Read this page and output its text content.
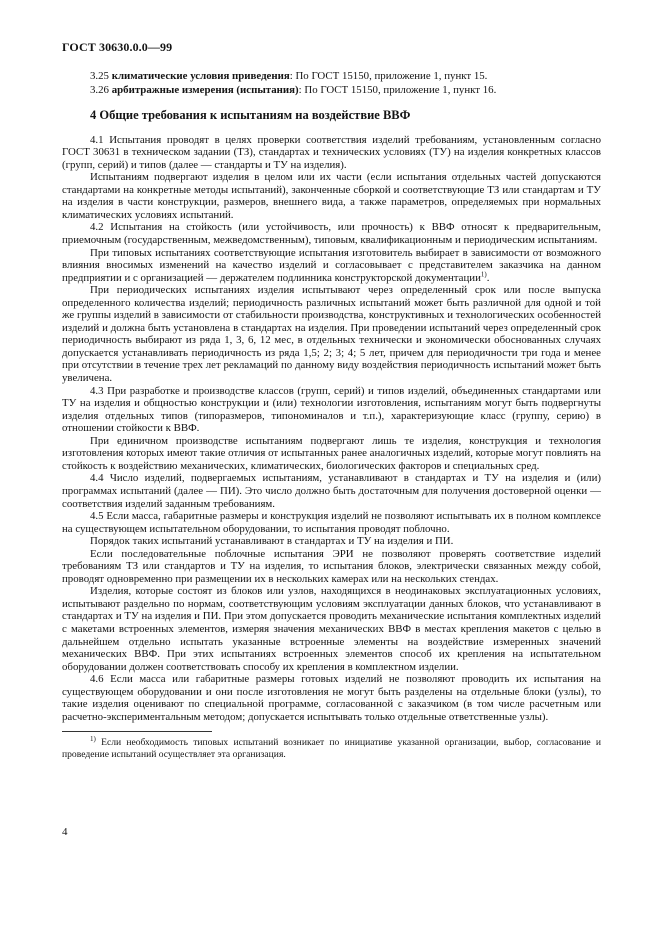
ГОСТ 30630.0.0—99

3.25 климатические условия приведения: По ГОСТ 15150, приложение 1, пункт 15.

3.26 арбитражные измерения (испытания): По ГОСТ 15150, приложение 1, пункт 16.

4 Общие требования к испытаниям на воздействие ВВФ

4.1 Испытания проводят в целях проверки соответствия изделий требованиям, установленным согласно ГОСТ 30631 в техническом задании (ТЗ), стандартах и технических условиях (ТУ) на изделия конкретных классов (групп, серий) и типов (далее — стандарты и ТУ на изделия).

Испытаниям подвергают изделия в целом или их части (если испытания отдельных частей допускаются стандартами на конкретные методы испытаний), законченные сборкой и соответствующие ТЗ или стандартам и ТУ на изделия в части конструкции, размеров, внешнего вида, а также параметров, определяемых при нормальных климатических условиях испытаний.

4.2 Испытания на стойкость (или устойчивость, или прочность) к ВВФ относят к предварительным, приемочным (государственным, межведомственным), типовым, квалификационным и периодическим испытаниям.

При типовых испытаниях соответствующие испытания изготовитель выбирает в зависимости от возможного влияния вносимых изменений на качество изделий и согласовывает с представителем заказчика на данном предприятии и с организацией — держателем подлинника конструкторской документации$^{1)}$.

При периодических испытаниях изделия испытывают через определенный срок или после выпуска определенного количества изделий; периодичность различных испытаний может быть различной для одной и той же группы изделий в зависимости от стабильности производства, конструктивных и технологических особенностей изделий и должна быть установлена в стандартах на изделия. При проведении испытаний через определенный срок периодичность выбирают из ряда 1, 3, 6, 12 мес, в отдельных технически и экономически обоснованных случаях допускается устанавливать периодичность из ряда 1,5; 2; 3; 4; 5 лет, причем для периодичности три года и менее при отсутствии в течение трех лет рекламаций по данному виду воздействия периодичность испытаний может быть увеличена.

4.3 При разработке и производстве классов (групп, серий) и типов изделий, объединенных стандартами или ТУ на изделия и общностью конструкции и (или) технологии изготовления, испытаниям могут быть подвергнуты изделия отдельных типов (типоразмеров, типономиналов и т.п.), характеризующие класс (группу, серию) в отношении стойкости к ВВФ.

При единичном производстве испытаниям подвергают лишь те изделия, конструкция и технология изготовления которых имеют такие отличия от испытанных ранее аналогичных изделий, которые могут повлиять на стойкость к воздействию механических, климатических, биологических факторов и специальных сред.

4.4 Число изделий, подвергаемых испытаниям, устанавливают в стандартах и ТУ на изделия и (или) программах испытаний (далее — ПИ). Это число должно быть достаточным для получения достоверной оценки — соответствия изделий заданным требованиям.

4.5 Если масса, габаритные размеры и конструкция изделий не позволяют испытывать их в полном комплексе на существующем испытательном оборудовании, то испытания проводят поблочно.

Порядок таких испытаний устанавливают в стандартах и ТУ на изделия и ПИ.

Если последовательные поблочные испытания ЭРИ не позволяют проверять соответствие изделий требованиям ТЗ или стандартов и ТУ на изделия, то испытания блоков, электрически связанных между собой, проводят одновременно при размещении их в нескольких камерах или на нескольких стендах.

Изделия, которые состоят из блоков или узлов, находящихся в неодинаковых эксплуатационных условиях, испытывают раздельно по нормам, соответствующим условиям эксплуатации данных блоков, что устанавливают в стандартах и ТУ на изделия и ПИ. При этом допускается проводить механические испытания комплектных изделий с макетами встроенных элементов, измеряя значения механических ВВФ в местах крепления макетов с целью в дальнейшем отдельно испытать указанные встроенные элементы на воздействие измеренных значений механических ВВФ. При этих испытаниях встроенных элементов способ их крепления на испытательном оборудовании должен соответствовать способу их крепления в комплектном изделии.

4.6 Если масса или габаритные размеры готовых изделий не позволяют проводить их испытания на существующем оборудовании и они после изготовления не могут быть разделены на отдельные блоки (узлы), то такие изделия оценивают по специальной программе, согласованной с заказчиком (в том числе расчетным или расчетно-экспериментальным методом; допускается испытывать только отдельные ответственные узлы).

$^{1)}$ Если необходимость типовых испытаний возникает по инициативе указанной организации, выбор, согласование и проведение испытаний осуществляет эта организация.

4
